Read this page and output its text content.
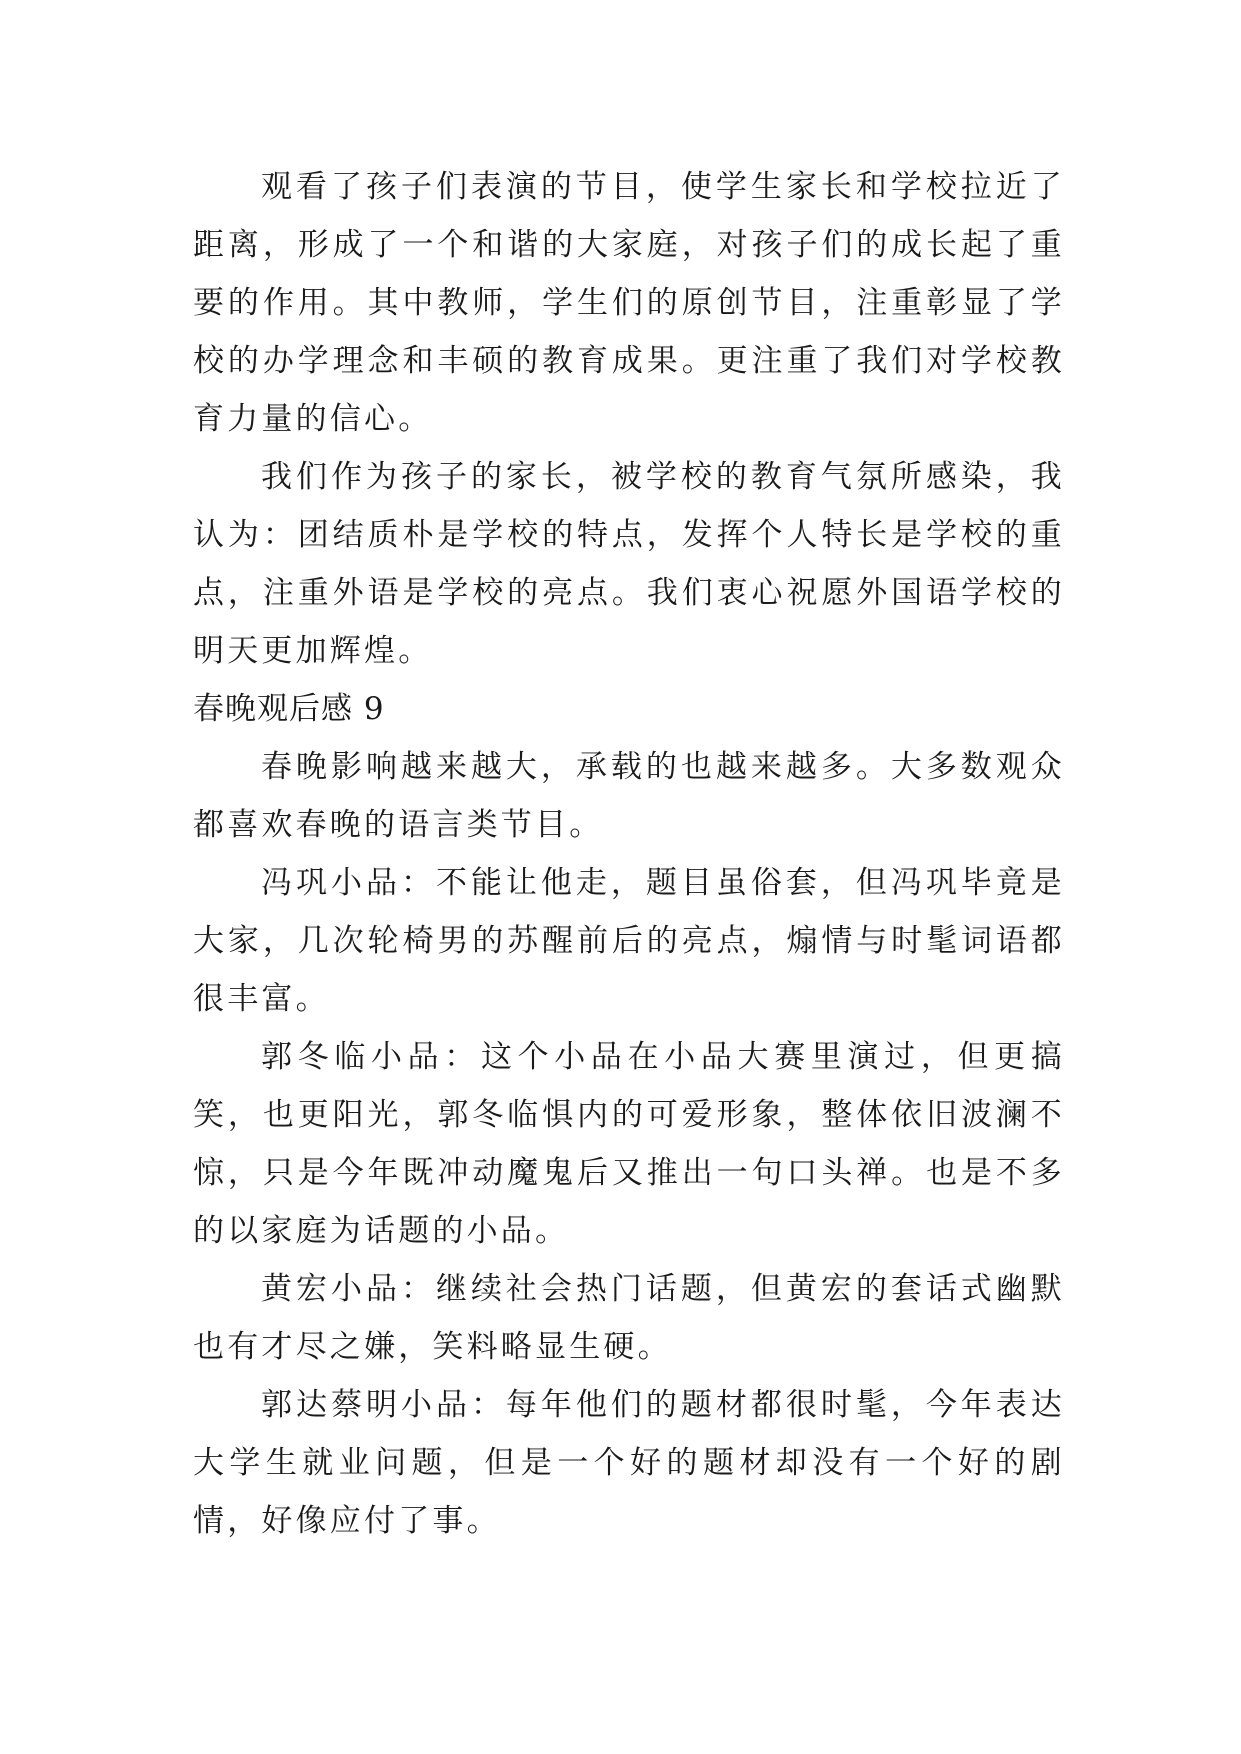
观看了孩子们表演的节目，使学生家长和学校拉近了距离，形成了一个和谐的大家庭，对孩子们的成长起了重要的作用。其中教师，学生们的原创节目，注重彰显了学校的办学理念和丰硕的教育成果。更注重了我们对学校教育力量的信心。

我们作为孩子的家长，被学校的教育气氛所感染，我认为：团结质朴是学校的特点，发挥个人特长是学校的重点，注重外语是学校的亮点。我们衷心祝愿外国语学校的明天更加辉煌。

春晚观后感 9

春晚影响越来越大，承载的也越来越多。大多数观众都喜欢春晚的语言类节目。

冯巩小品：不能让他走，题目虽俗套，但冯巩毕竟是大家，几次轮椅男的苏醒前后的亮点，煽情与时髦词语都很丰富。

郭冬临小品：这个小品在小品大赛里演过，但更搞笑，也更阳光，郭冬临惧内的可爱形象，整体依旧波澜不惊，只是今年既冲动魔鬼后又推出一句口头禅。也是不多的以家庭为话题的小品。

黄宏小品：继续社会热门话题，但黄宏的套话式幽默也有才尽之嫌，笑料略显生硬。

郭达蔡明小品：每年他们的题材都很时髦，今年表达大学生就业问题，但是一个好的题材却没有一个好的剧情，好像应付了事。
